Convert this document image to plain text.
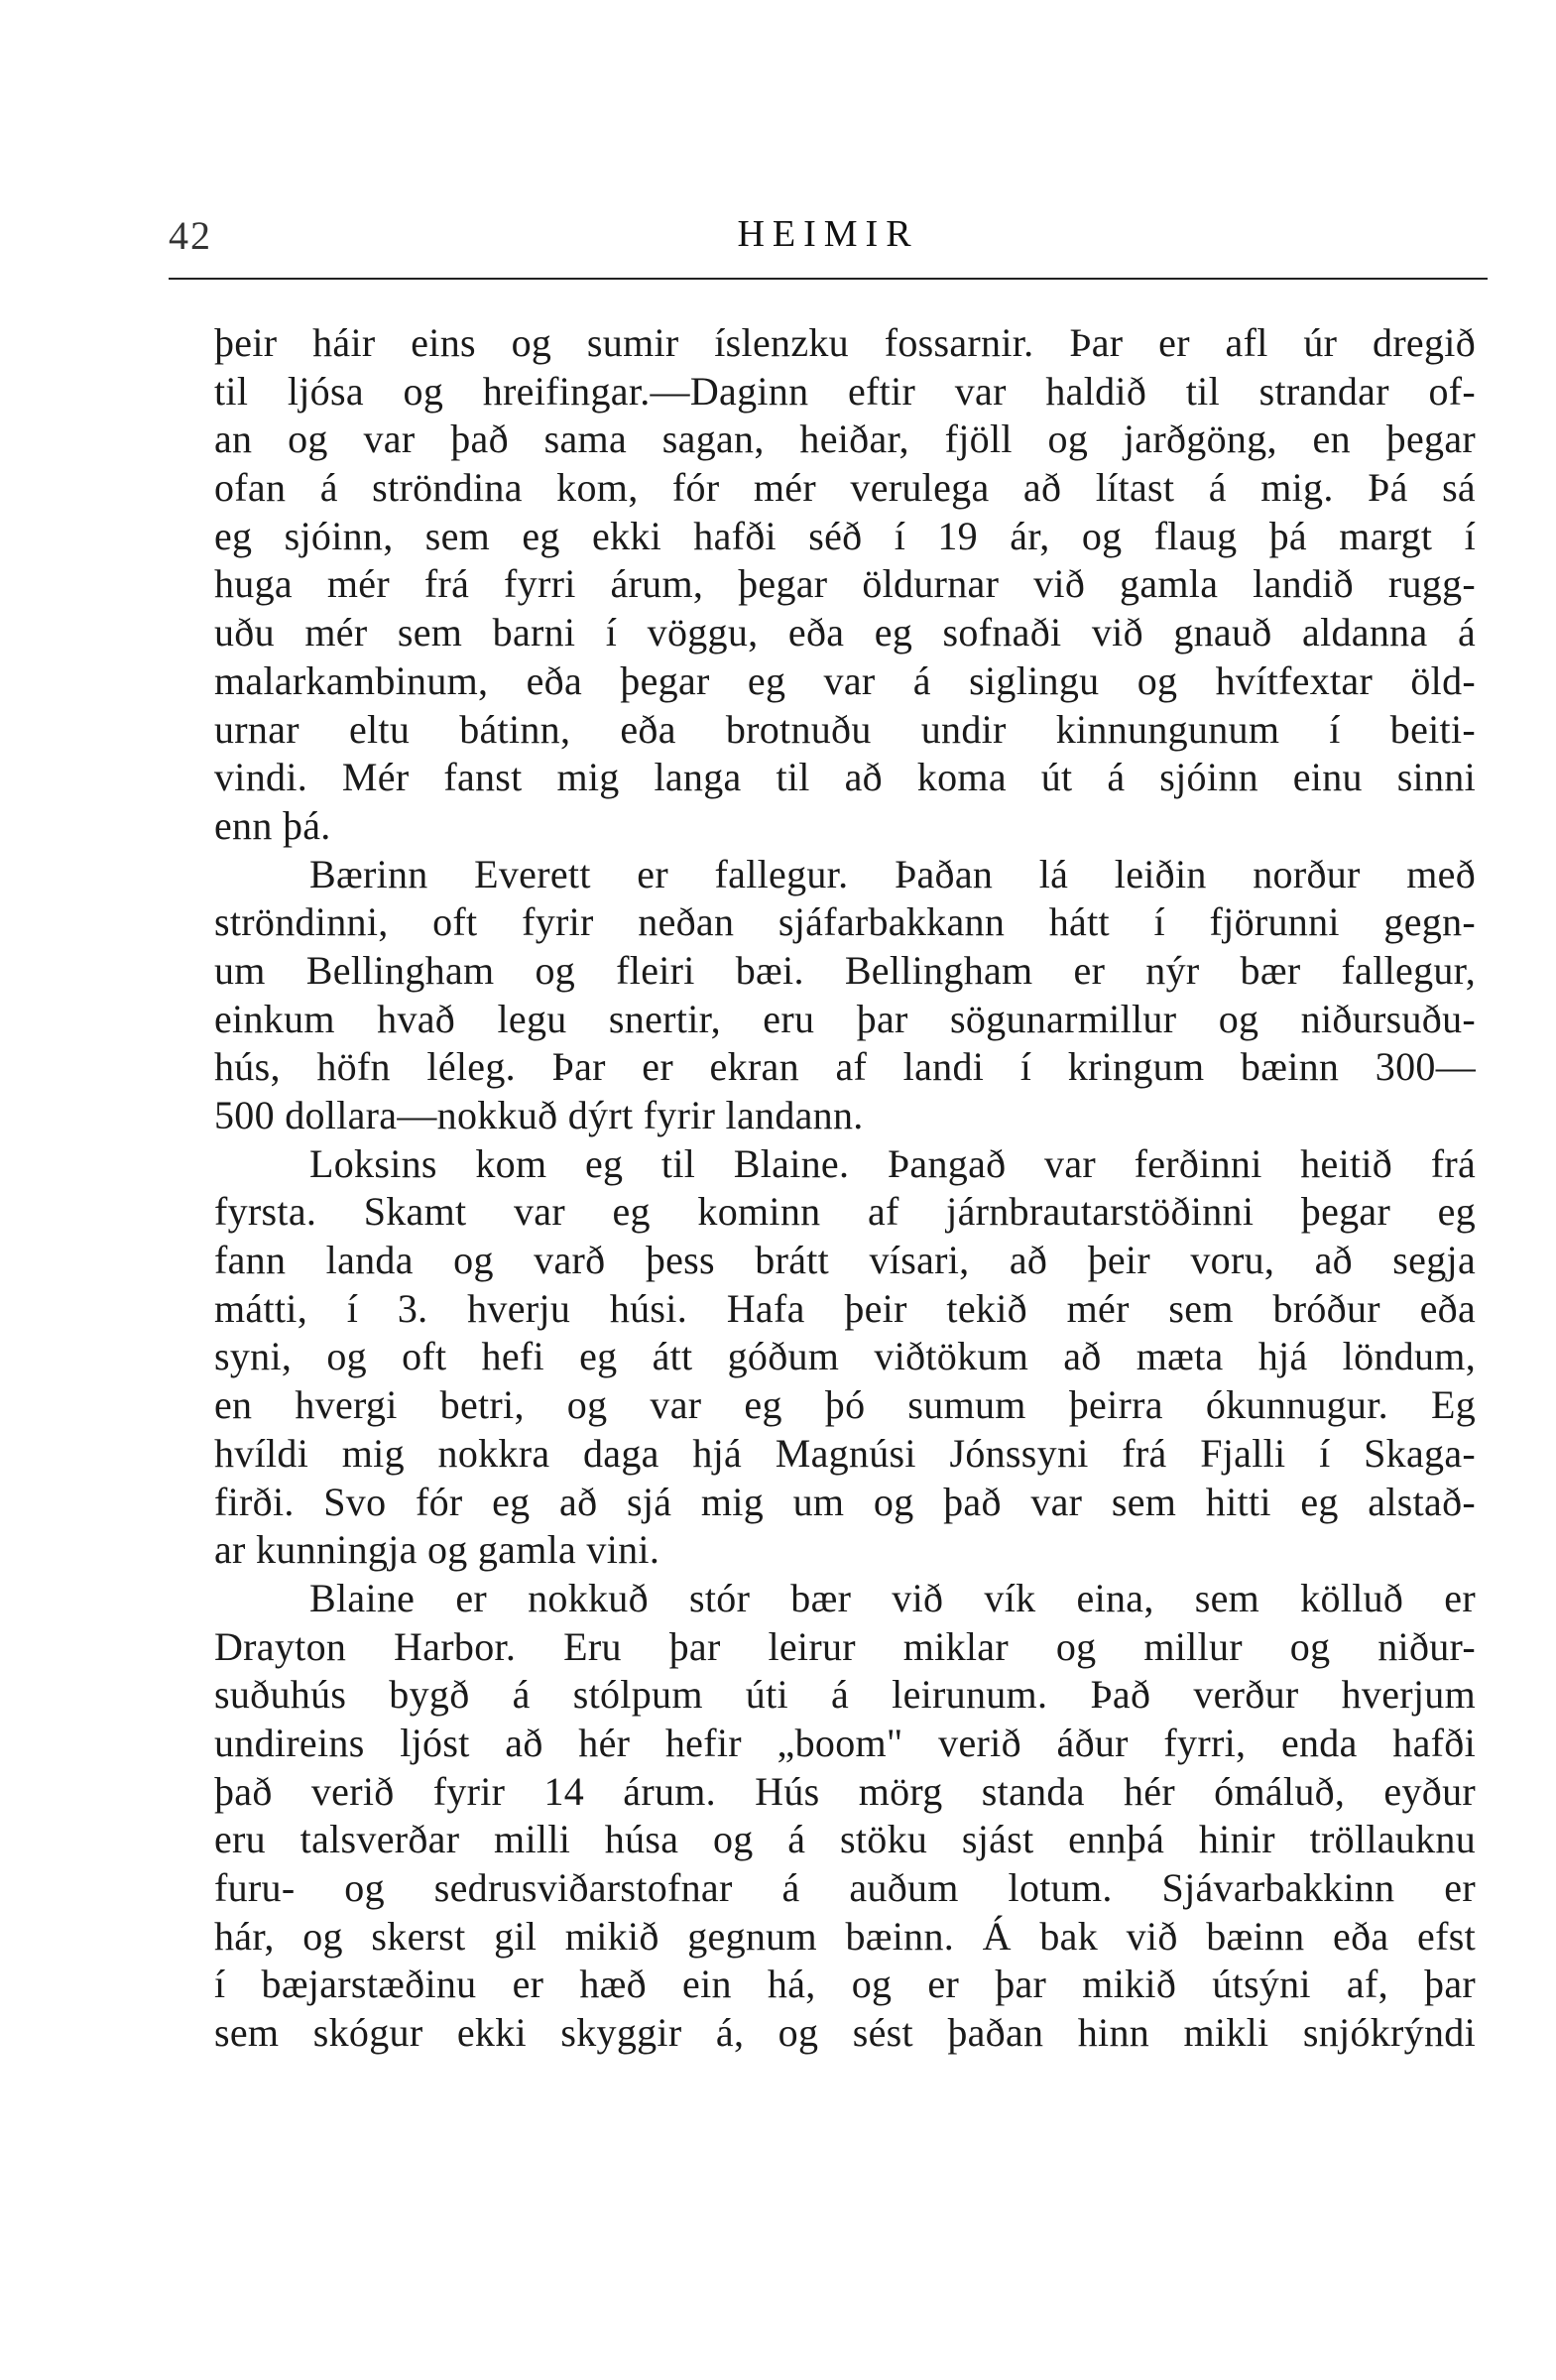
42	HEIMIR
þeir háir eins og sumir íslenzku fossarnir. Þar er afl úr dregið
til ljósa og hreifingar.—Daginn eftir var haldið til strandar of-
an og var það sama sagan, heiðar, fjöll og jarðgöng, en þegar
ofan á ströndina kom, fór mér verulega að lítast á mig. Þá sá
eg sjóinn, sem eg ekki hafði séð í 19 ár, og flaug þá margt í
huga mér frá fyrri árum, þegar öldurnar við gamla landið rugg-
uðu mér sem barni í vöggu, eða eg sofnaði við gnauð aldanna á
malarkambinum, eða þegar eg var á siglingu og hvítfextar öld-
urnar eltu bátinn, eða brotnuðu undir kinnungunum í beiti-
vindi. Mér fanst mig langa til að koma út á sjóinn einu sinni
enn þá.
Bærinn Everett er fallegur. Þaðan lá leiðin norður með
ströndinni, oft fyrir neðan sjáfarbakkann hátt í fjörunni gegn-
um Bellingham og fleiri bæi. Bellingham er nýr bær fallegur,
einkum hvað legu snertir, eru þar sögunarmillur og niðursuðu-
hús, höfn léleg. Þar er ekran af landi í kringum bæinn 300—
500 dollara—nokkuð dýrt fyrir landann.
Loksins kom eg til Blaine. Þangað var ferðinni heitið frá
fyrsta. Skamt var eg kominn af járnbrautarstöðinni þegar eg
fann landa og varð þess brátt vísari, að þeir voru, að segja
mátti, í 3. hverju húsi. Hafa þeir tekið mér sem bróður eða
syni, og oft hefi eg átt góðum viðtökum að mæta hjá löndum,
en hvergi betri, og var eg þó sumum þeirra ókunnugur. Eg
hvíldi mig nokkra daga hjá Magnúsi Jónssyni frá Fjalli í Skaga-
firði. Svo fór eg að sjá mig um og það var sem hitti eg alstað-
ar kunningja og gamla vini.
Blaine er nokkuð stór bær við vík eina, sem kölluð er
Drayton Harbor. Eru þar leirur miklar og millur og niður-
suðuhús bygð á stólpum úti á leirunum. Það verður hverjum
undireins ljóst að hér hefir „boom" verið áður fyrri, enda hafði
það verið fyrir 14 árum. Hús mörg standa hér ómáluð, eyður
eru talsverðar milli húsa og á stöku sjást ennþá hinir tröllauknu
furu- og sedrusviðarstofnar á auðum lotum. Sjávarbakkinn er
hár, og skerst gil mikið gegnum bæinn. Á bak við bæinn eða efst
í bæjarstæðinu er hæð ein há, og er þar mikið útsýni af, þar
sem skógur ekki skyggir á, og sést þaðan hinn mikli snjókrýndi
